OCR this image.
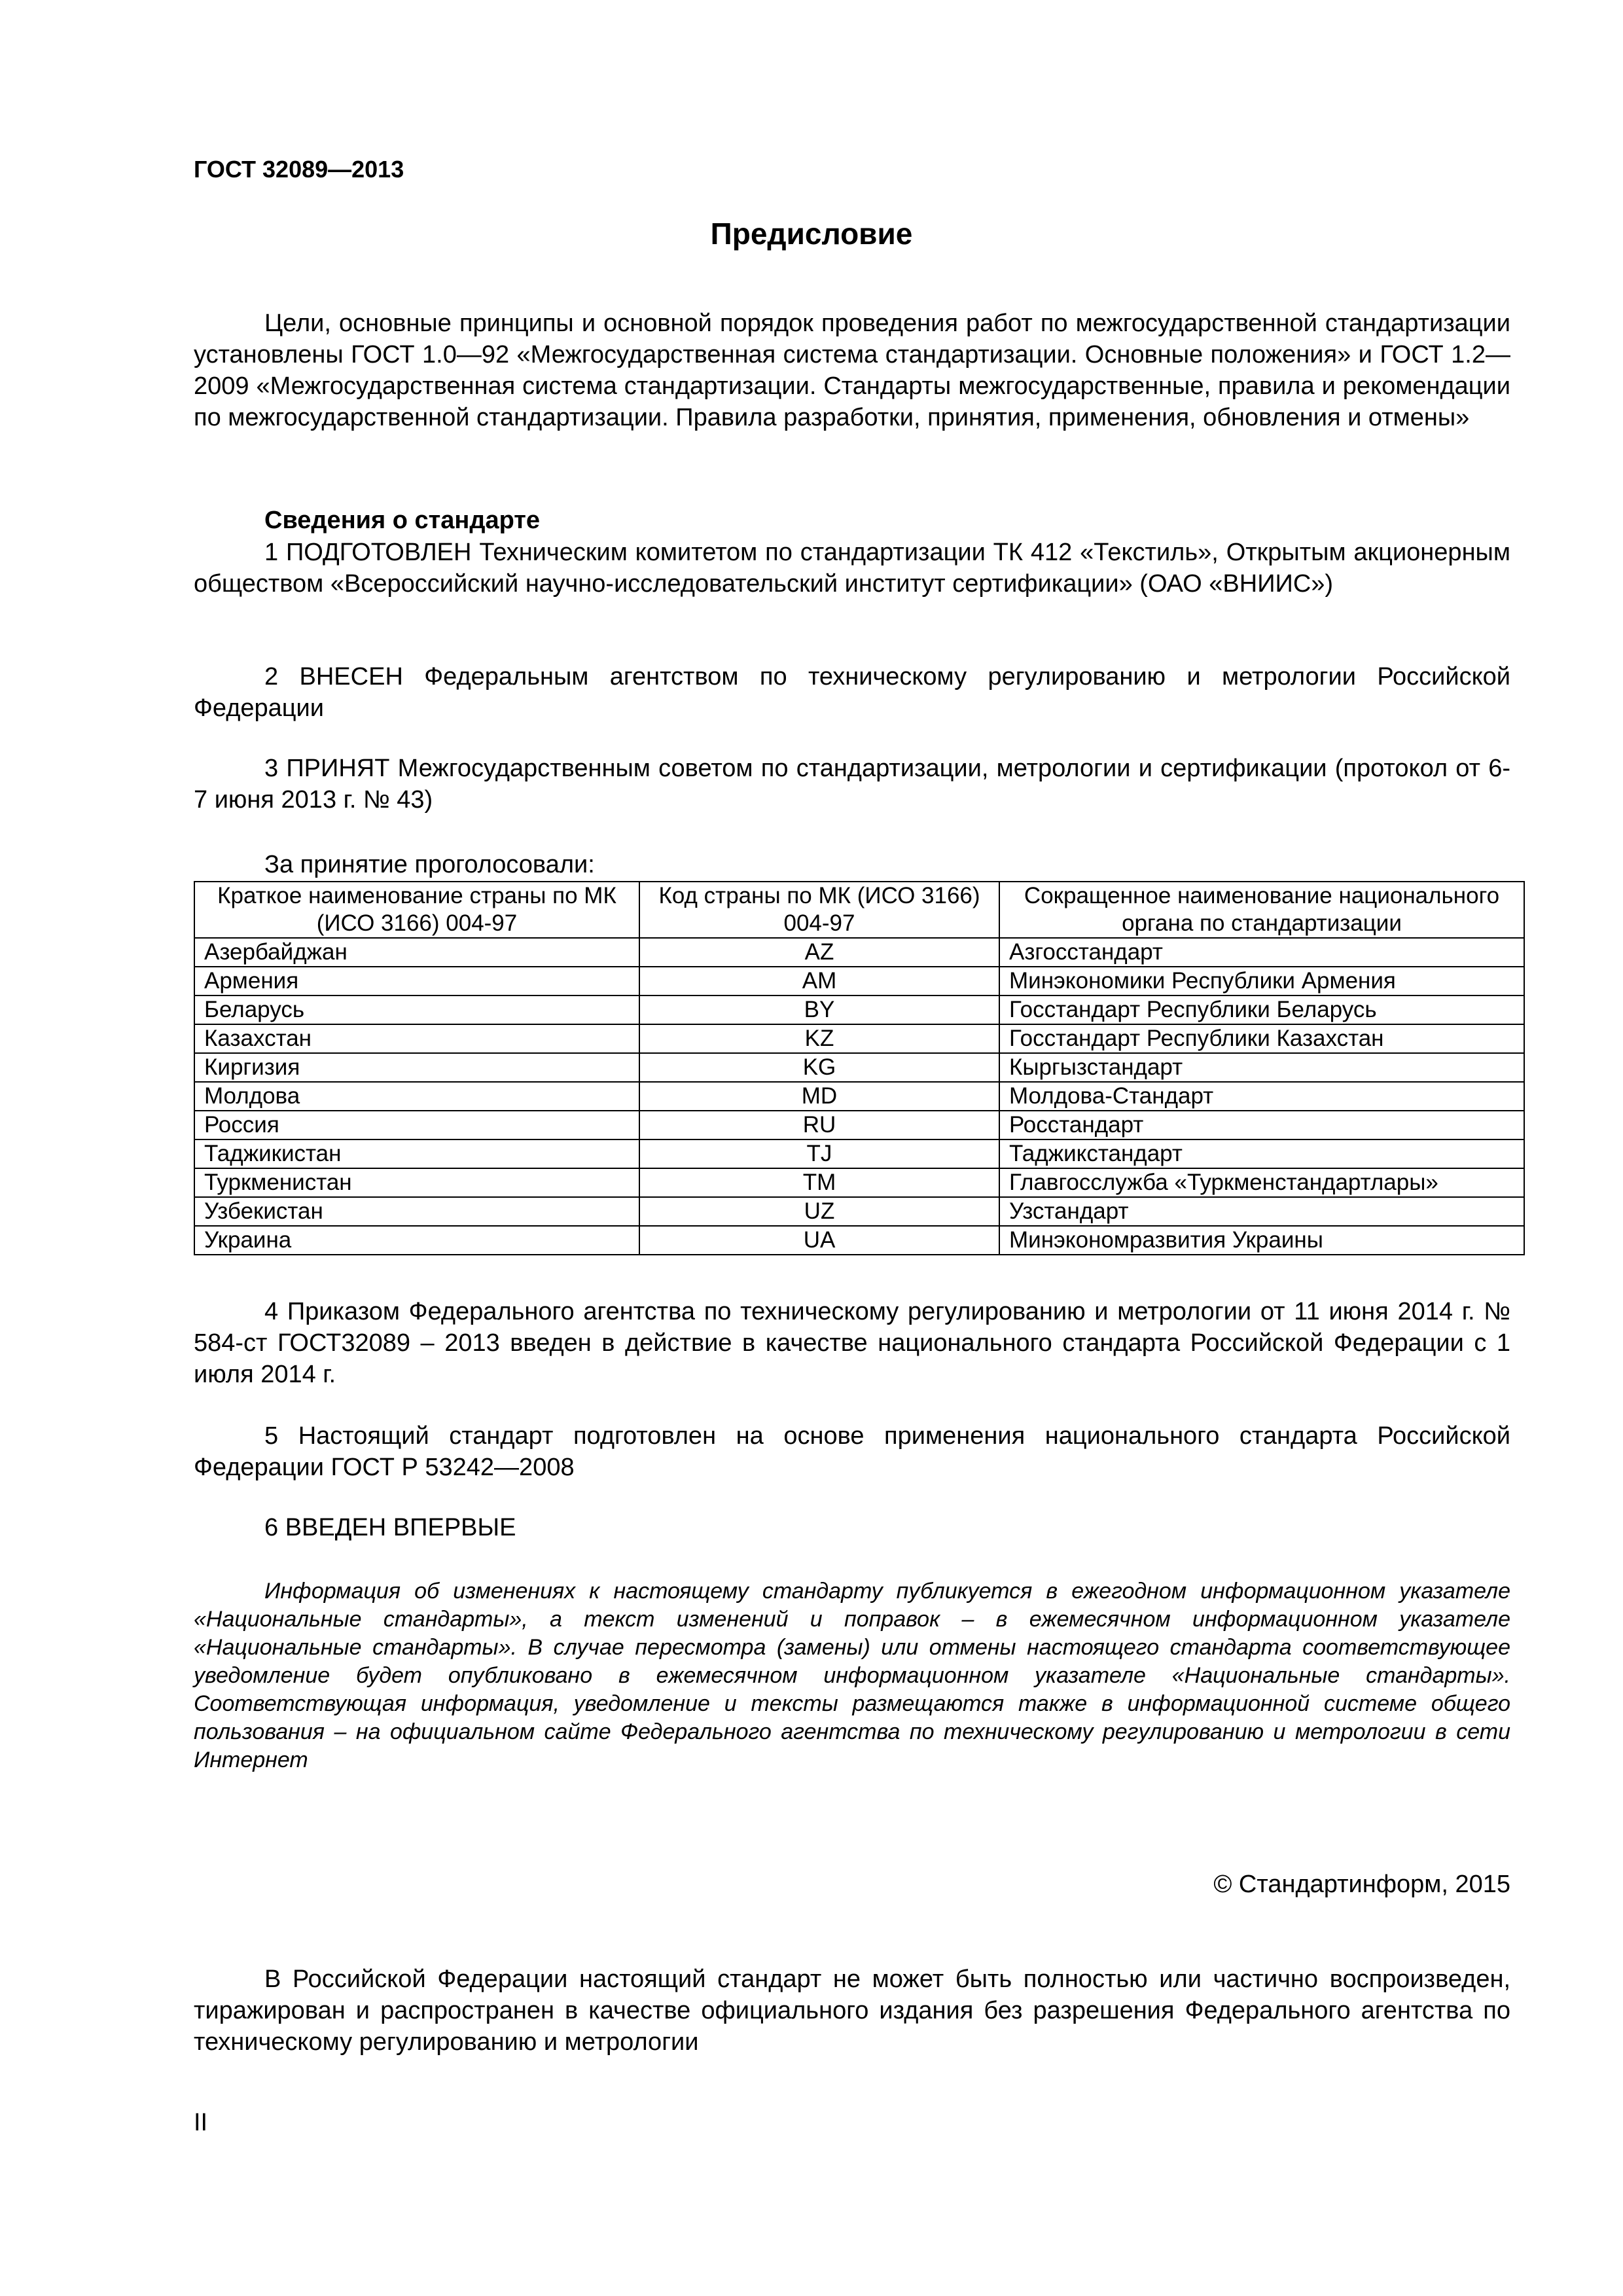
ГОСТ 32089—2013
Предисловие

Цели, основные принципы и основной порядок проведения работ по межгосударственной стандартизации установлены ГОСТ 1.0—92 «Межгосударственная система стандартизации. Основные положения» и ГОСТ 1.2—2009 «Межгосударственная система стандартизации. Стандарты межгосударственные, правила и рекомендации по межгосударственной стандартизации. Правила разработки, принятия, применения, обновления и отмены»

Сведения о стандарте

1 ПОДГОТОВЛЕН Техническим комитетом по стандартизации ТК 412 «Текстиль», Открытым акционерным обществом «Всероссийский научно-исследовательский институт сертификации» (ОАО «ВНИИС»)

2 ВНЕСЕН Федеральным агентством по техническому регулированию и метрологии Российской Федерации

3 ПРИНЯТ Межгосударственным советом по стандартизации, метрологии и сертификации (протокол от 6-7 июня 2013 г. № 43)

За принятие проголосовали:
Краткое наименование страны по МК (ИСО 3166) 004-97	Код страны по МК (ИСО 3166) 004-97	Сокращенное наименование национального органа по стандартизации
Азербайджан	AZ	Азгосстандарт
Армения	AM	Минэкономики Республики Армения
Беларусь	BY	Госстандарт Республики Беларусь
Казахстан	KZ	Госстандарт Республики Казахстан
Киргизия	KG	Кыргызстандарт
Молдова	MD	Молдова-Стандарт
Россия	RU	Росстандарт
Таджикистан	TJ	Таджикстандарт
Туркменистан	TM	Главгосслужба «Туркменстандартлары»
Узбекистан	UZ	Узстандарт
Украина	UA	Минэкономразвития Украины

4 Приказом Федерального агентства по техническому регулированию и метрологии от 11 июня 2014 г. № 584-ст ГОСТ32089 – 2013 введен в действие в качестве национального стандарта Российской Федерации с 1 июля 2014 г.

5 Настоящий стандарт подготовлен на основе применения национального стандарта Российской Федерации ГОСТ Р 53242—2008

6 ВВЕДЕН ВПЕРВЫЕ

Информация об изменениях к настоящему стандарту публикуется в ежегодном информационном указателе «Национальные стандарты», а текст изменений и поправок – в ежемесячном информационном указателе «Национальные стандарты». В случае пересмотра (замены) или отмены настоящего стандарта соответствующее уведомление будет опубликовано в ежемесячном информационном указателе «Национальные стандарты». Соответствующая информация, уведомление и тексты размещаются также в информационной системе общего пользования – на официальном сайте Федерального агентства по техническому регулированию и метрологии в сети Интернет

© Стандартинформ, 2015

В Российской Федерации настоящий стандарт не может быть полностью или частично воспроизведен, тиражирован и распространен в качестве официального издания без разрешения Федерального агентства по техническому регулированию и метрологии

II
